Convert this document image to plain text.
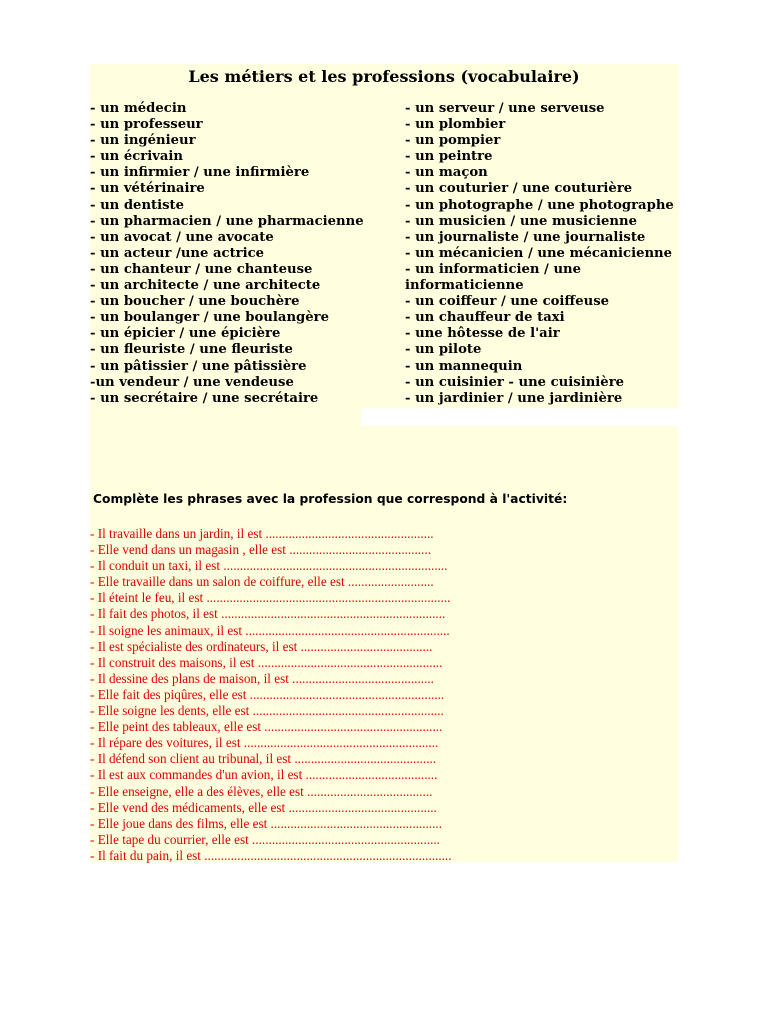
Les métiers et les professions (vocabulaire)
- un médecin
- un professeur
- un ingénieur
- un écrivain
- un infirmier / une infirmière
- un vétérinaire
- un dentiste
- un pharmacien / une pharmacienne
- un avocat / une avocate
- un acteur /une actrice
- un chanteur / une chanteuse
- un architecte / une architecte
- un boucher / une bouchère
- un boulanger / une boulangère
- un épicier / une épicière
- un fleuriste / une fleuriste
- un pâtissier / une pâtissière
-un vendeur / une vendeuse
- un secrétaire / une secrétaire
- un serveur / une serveuse
- un plombier
- un pompier
- un peintre
- un maçon
- un couturier / une couturière
- un photographe / une photographe
- un musicien / une musicienne
- un journaliste / une journaliste
- un mécanicien / une mécanicienne
- un informaticien / une
informaticienne
- un coiffeur / une coiffeuse
- un chauffeur de taxi
- une hôtesse de l'air
- un pilote
- un mannequin
- un cuisinier - une cuisinière
- un jardinier / une jardinière
Complète les phrases avec la profession que correspond à l'activité:
- Il travaille dans un jardin, il est ...................................................
- Elle vend dans un magasin , elle est ...........................................
- Il conduit un taxi, il est ....................................................................
- Elle travaille dans un salon de coiffure, elle est ..........................
- Il éteint le feu, il est ..........................................................................
- Il fait des photos, il est ....................................................................
- Il soigne les animaux, il est ..............................................................
- Il est spécialiste des ordinateurs, il est ........................................
- Il construit des maisons, il est ........................................................
- Il dessine des plans de maison, il est ...........................................
- Elle fait des piqûres, elle est ...........................................................
- Elle soigne les dents, elle est ..........................................................
- Elle peint des tableaux, elle est ......................................................
- Il répare des voitures, il est ...........................................................
- Il défend son client au tribunal, il est ...........................................
- Il est aux commandes d'un avion, il est ........................................
- Elle enseigne, elle a des élèves, elle est ......................................
- Elle vend des médicaments, elle est .............................................
- Elle joue dans des films, elle est ....................................................
- Elle tape du courrier, elle est .........................................................
- Il fait du pain, il est ...........................................................................
